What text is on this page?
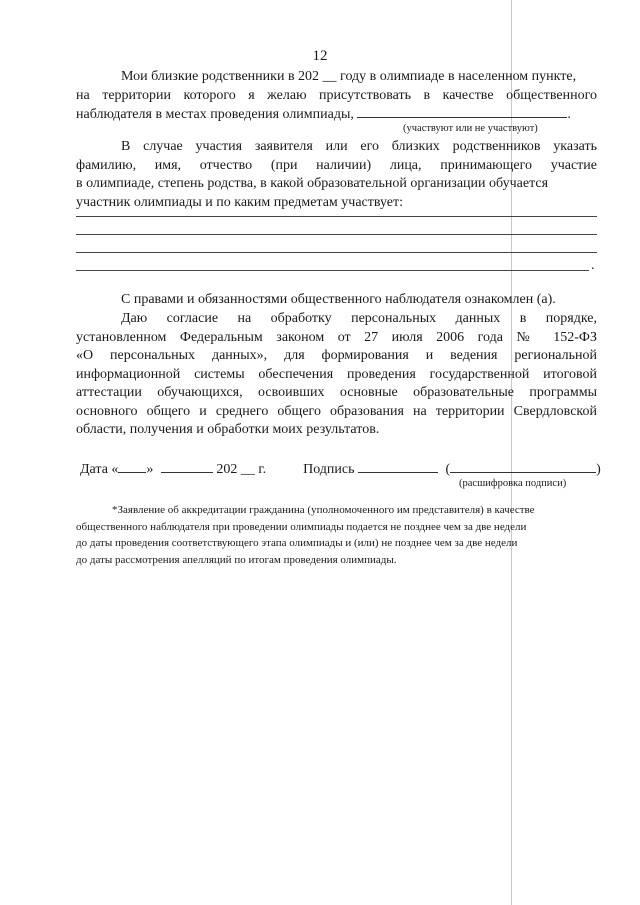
12
Мои близкие родственники в 202 __ году в олимпиаде в населенном пункте,
на территории которого я желаю присутствовать в качестве общественного
наблюдателя в местах проведения олимпиады,	.
(участвуют или не участвуют)
В случае участия заявителя или его близких родственников указать
фамилию, имя, отчество (при наличии) лица, принимающего участие
в олимпиаде, степень родства, в какой образовательной организации обучается
участник олимпиады и по каким предметам участвует:
.
С правами и обязанностями общественного наблюдателя ознакомлен (а).
Даю согласие на обработку персональных данных в порядке,
установленном Федеральным законом от 27 июля 2006 года № 152-ФЗ
«О персональных данных», для формирования и ведения региональной
информационной системы обеспечения проведения государственной итоговой
аттестации обучающихся, освоивших основные образовательные программы
основного общего и среднего общего образования на территории Свердловской
области, получения и обработки моих результатов.
Дата « »	202 __ г.	Подпись	(	)
(расшифровка подписи)
*Заявление об аккредитации гражданина (уполномоченного им представителя) в качестве
общественного наблюдателя при проведении олимпиады подается не позднее чем за две недели
до даты проведения соответствующего этапа олимпиады и (или) не позднее чем за две недели
до даты рассмотрения апелляций по итогам проведения олимпиады.
